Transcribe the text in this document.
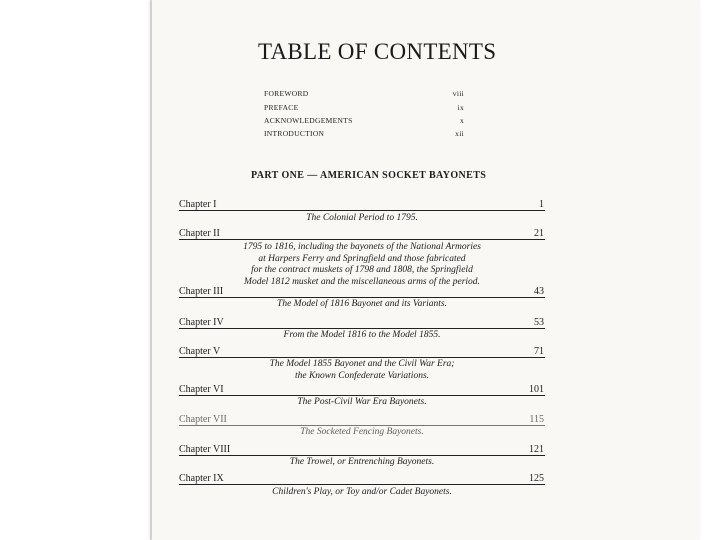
TABLE OF CONTENTS
FOREWORD	viii
PREFACE	ix
ACKNOWLEDGEMENTS	x
INTRODUCTION	xii
PART ONE — AMERICAN SOCKET BAYONETS
Chapter I	1
The Colonial Period to 1795.
Chapter II	21
1795 to 1816, including the bayonets of the National Armories
at Harpers Ferry and Springfield and those fabricated
for the contract muskets of 1798 and 1808, the Springfield
Model 1812 musket and the miscellaneous arms of the period.
Chapter III	43
The Model of 1816 Bayonet and its Variants.
Chapter IV	53
From the Model 1816 to the Model 1855.
Chapter V	71
The Model 1855 Bayonet and the Civil War Era;
the Known Confederate Variations.
Chapter VI	101
The Post-Civil War Era Bayonets.
Chapter VII	115
The Socketed Fencing Bayonets.
Chapter VIII	121
The Trowel, or Entrenching Bayonets.
Chapter IX	125
Children's Play, or Toy and/or Cadet Bayonets.
